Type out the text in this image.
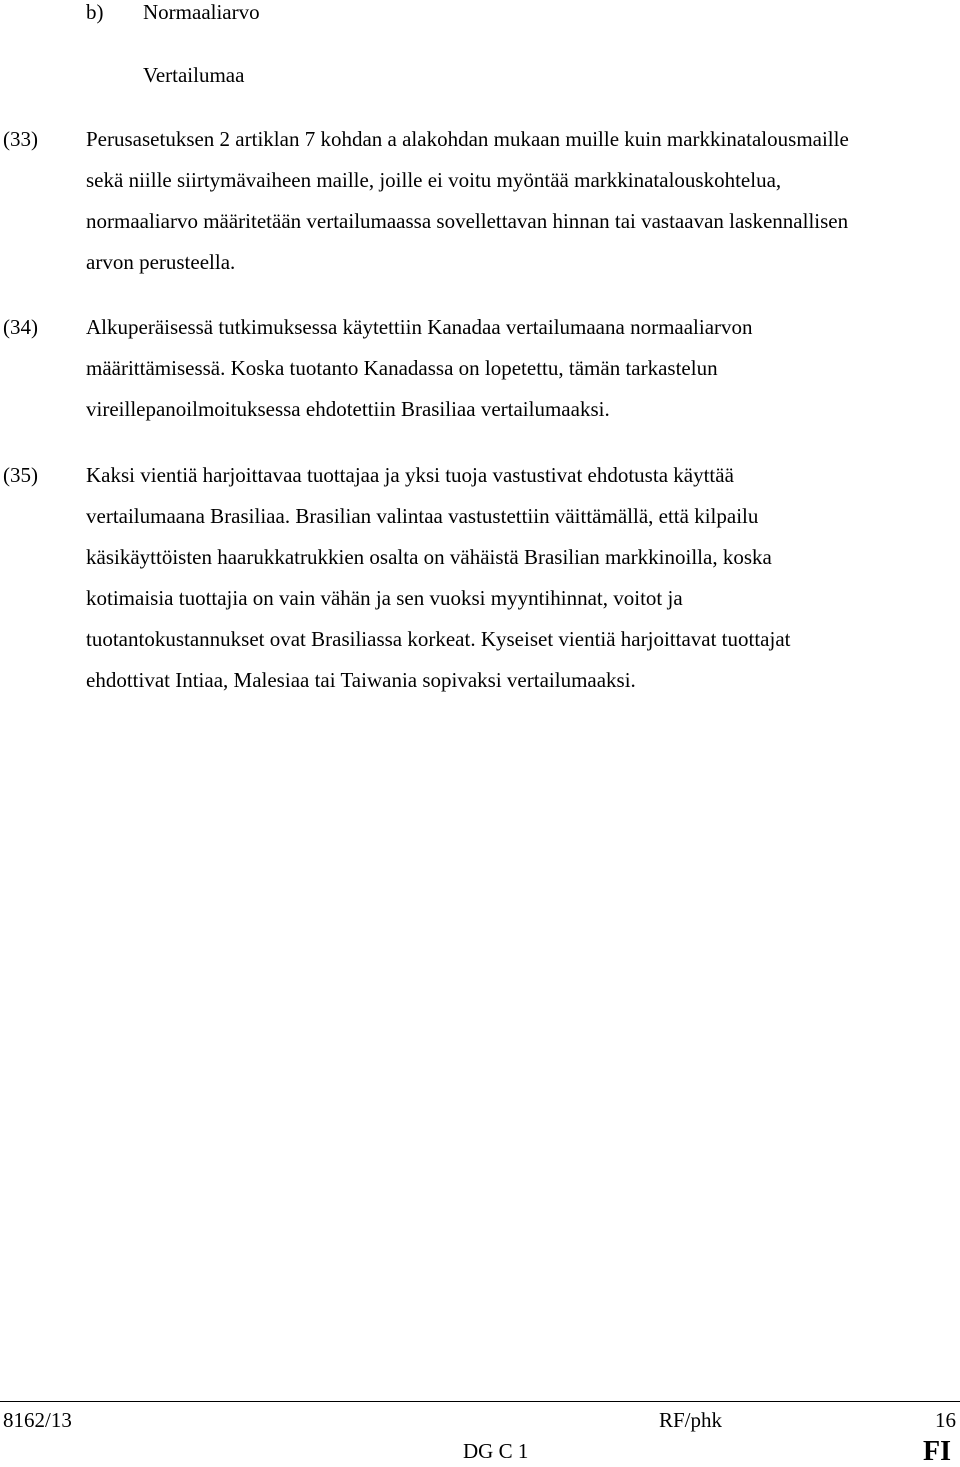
b) Normaaliarvo
Vertailumaa
(33) Perusasetuksen 2 artiklan 7 kohdan a alakohdan mukaan muille kuin markkinatalousmaille
sekä niille siirtymävaiheen maille, joille ei voitu myöntää markkinatalouskohtelua,
normaaliarvo määritetään vertailumaassa sovellettavan hinnan tai vastaavan laskennallisen
arvon perusteella.
(34) Alkuperäisessä tutkimuksessa käytettiin Kanadaa vertailumaana normaaliarvon
määrittämisessä. Koska tuotanto Kanadassa on lopetettu, tämän tarkastelun
vireillepanoilmoituksessa ehdotettiin Brasiliaa vertailumaaksi.
(35) Kaksi vientiä harjoittavaa tuottajaa ja yksi tuoja vastustivat ehdotusta käyttää
vertailumaana Brasiliaa. Brasilian valintaa vastustettiin väittämällä, että kilpailu
käsikäyttöisten haarukkatrukkien osalta on vähäistä Brasilian markkinoilla, koska
kotimaisia tuottajia on vain vähän ja sen vuoksi myyntihinnat, voitot ja
tuotantokustannukset ovat Brasiliassa korkeat. Kyseiset vientiä harjoittavat tuottajat
ehdottivat Intiaa, Malesiaa tai Taiwania sopivaksi vertailumaaksi.
8162/13	RF/phk	16
DG C 1	FI
